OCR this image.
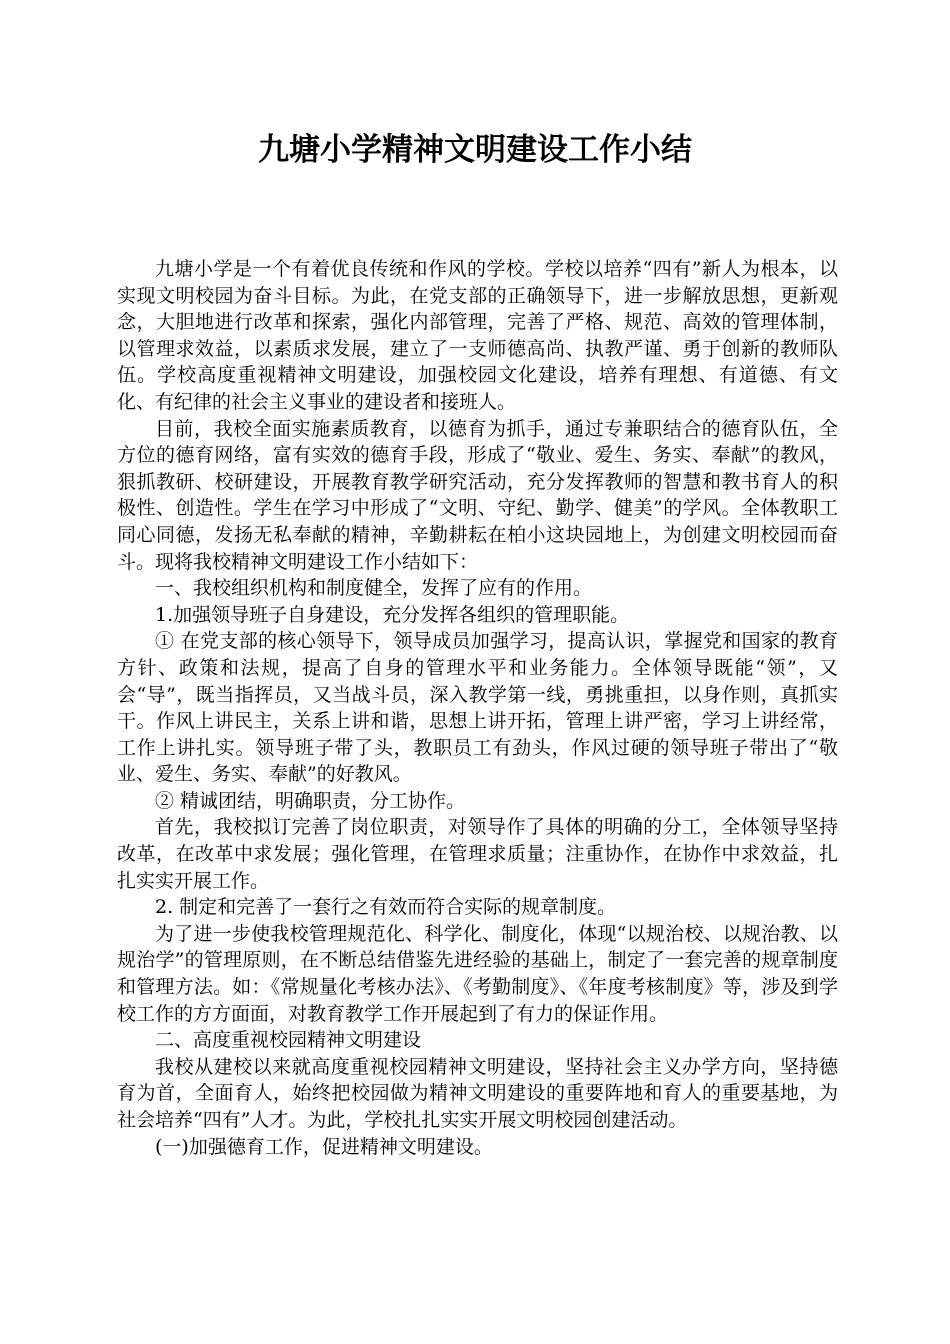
九塘小学精神文明建设工作小结

九塘小学是一个有着优良传统和作风的学校。学校以培养“四有”新人为根本，以实现文明校园为奋斗目标。为此，在党支部的正确领导下，进一步解放思想，更新观念，大胆地进行改革和探索，强化内部管理，完善了严格、规范、高效的管理体制，以管理求效益，以素质求发展，建立了一支师德高尚、执教严谨、勇于创新的教师队伍。学校高度重视精神文明建设，加强校园文化建设，培养有理想、有道德、有文化、有纪律的社会主义事业的建设者和接班人。

目前，我校全面实施素质教育，以德育为抓手，通过专兼职结合的德育队伍，全方位的德育网络，富有实效的德育手段，形成了“敬业、爱生、务实、奉献”的教风，狠抓教研、校研建设，开展教育教学研究活动，充分发挥教师的智慧和教书育人的积极性、创造性。学生在学习中形成了“文明、守纪、勤学、健美”的学风。全体教职工同心同德，发扬无私奉献的精神，辛勤耕耘在柏小这块园地上，为创建文明校园而奋斗。现将我校精神文明建设工作小结如下：

一、我校组织机构和制度健全，发挥了应有的作用。

1.加强领导班子自身建设，充分发挥各组织的管理职能。

① 在党支部的核心领导下，领导成员加强学习，提高认识，掌握党和国家的教育方针、政策和法规，提高了自身的管理水平和业务能力。全体领导既能“领”，又会“导”，既当指挥员，又当战斗员，深入教学第一线，勇挑重担，以身作则，真抓实干。作风上讲民主，关系上讲和谐，思想上讲开拓，管理上讲严密，学习上讲经常，工作上讲扎实。领导班子带了头，教职员工有劲头，作风过硬的领导班子带出了“敬业、爱生、务实、奉献”的好教风。

② 精诚团结，明确职责，分工协作。

首先，我校拟订完善了岗位职责，对领导作了具体的明确的分工，全体领导坚持改革，在改革中求发展；强化管理，在管理求质量；注重协作，在协作中求效益，扎扎实实开展工作。

2. 制定和完善了一套行之有效而符合实际的规章制度。

为了进一步使我校管理规范化、科学化、制度化，体现“以规治校、以规治教、以规治学”的管理原则，在不断总结借鉴先进经验的基础上，制定了一套完善的规章制度和管理方法。如：《常规量化考核办法》、《考勤制度》、《年度考核制度》等，涉及到学校工作的方方面面，对教育教学工作开展起到了有力的保证作用。

二、高度重视校园精神文明建设

我校从建校以来就高度重视校园精神文明建设，坚持社会主义办学方向，坚持德育为首，全面育人，始终把校园做为精神文明建设的重要阵地和育人的重要基地，为社会培养“四有”人才。为此，学校扎扎实实开展文明校园创建活动。

(一)加强德育工作，促进精神文明建设。
